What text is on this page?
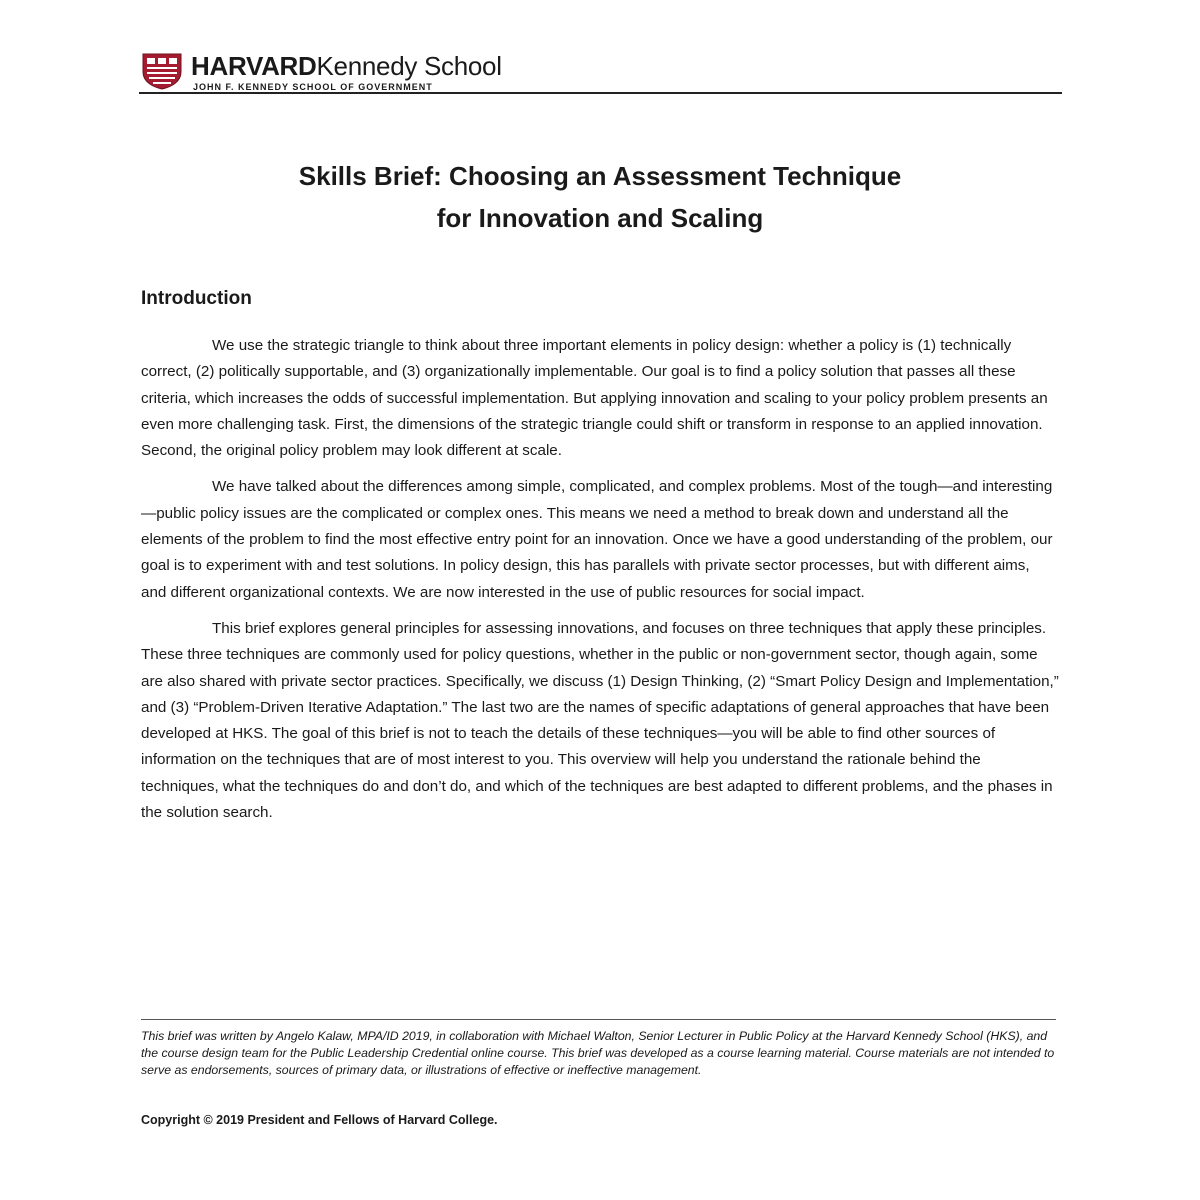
HARVARDKennedy School
JOHN F. KENNEDY SCHOOL OF GOVERNMENT
Skills Brief: Choosing an Assessment Technique
for Innovation and Scaling
Introduction

We use the strategic triangle to think about three important elements in policy design: whether a policy is (1) technically correct, (2) politically supportable, and (3) organizationally implementable. Our goal is to find a policy solution that passes all these criteria, which increases the odds of successful implementation. But applying innovation and scaling to your policy problem presents an even more challenging task. First, the dimensions of the strategic triangle could shift or transform in response to an applied innovation. Second, the original policy problem may look different at scale.

We have talked about the differences among simple, complicated, and complex problems. Most of the tough—and interesting—public policy issues are the complicated or complex ones. This means we need a method to break down and understand all the elements of the problem to find the most effective entry point for an innovation. Once we have a good understanding of the problem, our goal is to experiment with and test solutions. In policy design, this has parallels with private sector processes, but with different aims, and different organizational contexts. We are now interested in the use of public resources for social impact.

This brief explores general principles for assessing innovations, and focuses on three techniques that apply these principles. These three techniques are commonly used for policy questions, whether in the public or non-government sector, though again, some are also shared with private sector practices. Specifically, we discuss (1) Design Thinking, (2) “Smart Policy Design and Implementation,” and (3) “Problem-Driven Iterative Adaptation.” The last two are the names of specific adaptations of general approaches that have been developed at HKS. The goal of this brief is not to teach the details of these techniques—you will be able to find other sources of information on the techniques that are of most interest to you. This overview will help you understand the rationale behind the techniques, what the techniques do and don’t do, and which of the techniques are best adapted to different problems, and the phases in the solution search.

This brief was written by Angelo Kalaw, MPA/ID 2019, in collaboration with Michael Walton, Senior Lecturer in Public Policy at the Harvard Kennedy School (HKS), and the course design team for the Public Leadership Credential online course. This brief was developed as a course learning material. Course materials are not intended to serve as endorsements, sources of primary data, or illustrations of effective or ineffective management.
Copyright © 2019 President and Fellows of Harvard College.
